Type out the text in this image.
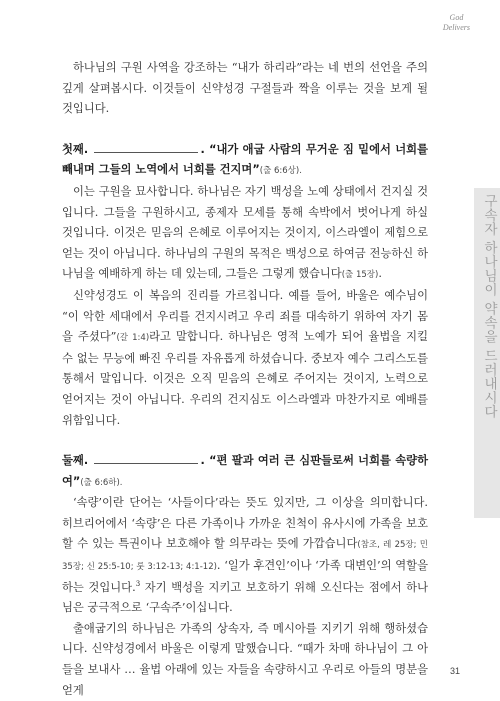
God
Delivers
구속자 하나님이 약속을 드러내시다

하나님의 구원 사역을 강조하는 “내가 하리라”라는 네 번의 선언을 주의 깊게 살펴봅시다. 이것들이 신약성경 구절들과 짝을 이루는 것을 보게 될 것입니다.

첫째.	. “내가 애굽 사람의 무거운 짐 밑에서 너희를 빼내며 그들의 노역에서 너희를 건지며”(출 6:6상).

이는 구원을 묘사합니다. 하나님은 자기 백성을 노예 상태에서 건지실 것입니다. 그들을 구원하시고, 종제자 모세를 통해 속박에서 벗어나게 하실 것입니다. 이것은 믿음의 은혜로 이루어지는 것이지, 이스라엘이 제힘으로 얻는 것이 아닙니다. 하나님의 구원의 목적은 백성으로 하여금 전능하신 하나님을 예배하게 하는 데 있는데, 그들은 그렇게 했습니다(출 15장).

신약성경도 이 복음의 진리를 가르칩니다. 예를 들어, 바울은 예수님이 “이 악한 세대에서 우리를 건지시려고 우리 죄를 대속하기 위하여 자기 몸을 주셨다”(갈 1:4)라고 말합니다. 하나님은 영적 노예가 되어 율법을 지킬 수 없는 무능에 빠진 우리를 자유롭게 하셨습니다. 중보자 예수 그리스도를 통해서 말입니다. 이것은 오직 믿음의 은혜로 주어지는 것이지, 노력으로 얻어지는 것이 아닙니다. 우리의 건지심도 이스라엘과 마찬가지로 예배를 위함입니다.

둘째.	. “편 팔과 여러 큰 심판들로써 너희를 속량하여”(출 6:6하).

‘속량’이란 단어는 ‘사들이다’라는 뜻도 있지만, 그 이상을 의미합니다. 히브리어에서 ‘속량’은 다른 가족이나 가까운 친척이 유사시에 가족을 보호할 수 있는 특권이나 보호해야 할 의무라는 뜻에 가깝습니다(참조, 레 25장; 민 35장; 신 25:5-10; 룻 3:12-13; 4:1-12). ‘일가 후견인’이나 ‘가족 대변인’의 역할을 하는 것입니다.$^3$ 자기 백성을 지키고 보호하기 위해 오신다는 점에서 하나님은 궁극적으로 ‘구속주’이십니다.

출애굽기의 하나님은 가족의 상속자, 즉 메시아를 지키기 위해 행하셨습니다. 신약성경에서 바울은 이렇게 말했습니다. “때가 차매 하나님이 그 아들을 보내사 … 율법 아래에 있는 자들을 속량하시고 우리로 아들의 명분을 얻게

31
